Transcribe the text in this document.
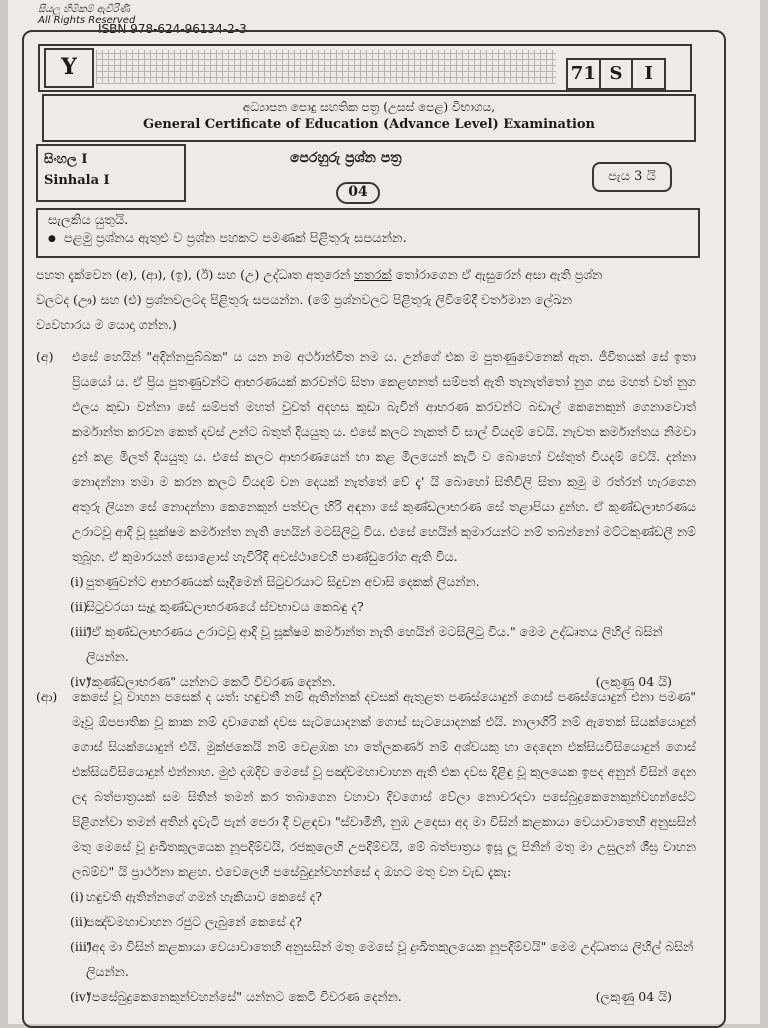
සියලු හිමිකම් ඇවිරිණි
All Rights Reserved
ISBN 978-624-96134-2-3
Y	71 S	I
අධ්‍යාපන පොදු සහතික පත්‍ර (උසස් පෙළ) විභාගය,
General Certificate of Education (Advance Level) Examination
සිංහල I
Sinhala I
පෙරහුරු ප්‍රශ්න පත්‍ර
04
පැය 3 යි
සැලකිය යුතුයි.
● පළමු ප්‍රශ්නය ඇතුළු ව ප්‍රශ්න පහකට පමණක් පිළිතුරු සපයන්න.
පහත දැක්වෙන (අ), (ආ), (ඉ), (ඊ) සහ (උ) උද්ධෘත අතුරෙන් හතරක් තෝරාගෙන ඒ ඇසුරෙන් අසා ඇති ප්‍රශ්න
වලටද (ඌ) සහ (එ) ප්‍රශ්නවලටද පිළිතුරු සපයන්න. (මේ ප්‍රශ්නවලට පිළිතුරු ලිවීමේදී වර්තමාන ලේඛන
ව්‍යවහාරය ම යොදා ගන්න.)
(අ) එසේ හෙයින් "අදින්නපුබ්බක" ය යන නම අර්ථාන්විත නම ය. උන්ගේ එක ම පුතණුවෙනෙක් ඇත. ජීවිතයක් සේ ඉතා ප්‍රියයෝ ය. ඒ ප්‍රිය පුතණුවන්ට ආභරණයක් කරවන්ට සිතා කෙළඟනත් සම්පත් ඇති තැනැත්තෝ නුග ගස මහත් වත් නුග ඵලය කුඩා වන්නා සේ සම්පත් මහත් වුවත් අදහස කුඩා බැවින් ආභරණ කරවන්ට බඩාල් කෙනෙකුන් ගෙනාවොත් කර්මාන්ත කරවන කෙත් දවස් උන්ට බතුත් දියයුතු ය. එසේ කලට නැකත් වී සාල් වියදම් වෙයි. නැවත කර්මාන්තය නිමවා දුන් කළ මිලත් දියයුතු ය. එසේ කලට ආභරණයෙන් හා කළ මිලයෙන් කැටි ව බොහෝ වස්තුත් වියදම් වෙයි. දන්නා නොදන්නා තමා ම කරන කලට වියදම් වන දෙයක් නැත්තේ වේ දැ' යි බොහෝ සිතිවිලි සිතා කුමු ම රත්රන් හැරගෙන අතුරු ලියන සේ නොදන්නා කෙනෙකුන් පත්වල හිරි අඳනා සේ කුණ්ඩලාභරණ සේ තළාපියා දුන්හ. ඒ කුණ්ඩලාභරණය උරාටවූ ආදි වූ සූක්ෂම කර්මාන්ත නැති හෙයින් මටසිලිටු විය. එසේ හෙයින් කුමාරයන්ට නම් තබන්නෝ මට්ටකුණ්ඩලී නම් තුබූහ. ඒ කුමාරයන් සොළොස් හැවිරිදි අවස්ථාවෙහි පාණ්ඩුරෝග ඇති විය.
(i) පුතණුවන්ට ආභරණයක් සෑදීමෙන් සිටුවරයාට සිදුවන අවාසි දෙකක් ලියන්න.
(ii)
සිටුවරයා සෑදූ කුණ්ඩලාභරණයේ ස්වභාවය කෙබඳු ද?
(iii)
"ඒ කුණ්ඩලාභරණය උරාටවූ ආදි වූ සූක්ෂම කර්මාන්ත නැති හෙයින් මටසිලිටු විය." මෙම උද්ධෘතය ලිහිල් බසින් ලියන්න.
(iv)
"කුණ්ඩලාභරණ" යන්නට කෙටි විවරණ දෙන්න.	(ලකුණු 04 යි)
(ආ) කෙසේ වූ වාහන පසෙක් ද යත්: හඳුවතී නම් ඇතින්නක් දවසක් ඇතුළත පණස්යොදුන් ගොස් පණස්යොදුන් එනා පමණ" මෑවූ ඕපපාතික වූ කාක නම් දාවාගෙක් දවස සැටයොදනක් ගොස් සැටයොදනක් එයි. නාලාගිරි නම් ඇතෙක් සියක්යොදුන් ගොස් සියක්යොදුන් එයි. මුක්ජකෙයි නම් වෙළඹක හා තේලකර්ණ නම් අශ්වයකු හා දෙදෙන එක්සියවිසියොදුන් ගොස් එක්සියවිසියොදුන් එන්නාහ. මුළු දඹදිව මෙසේ වූ පඤ්චමහාවාහන ඇති එක දවස දිළිඳු වූ කුලයෙක ඉපද අනුන් විසින් දෙන ලද බත්පාත්‍රයක් සම සිතින් තමන් කර තබාගෙන වහාවා දිවගොස් වේලා නොවරදවා පසේබුදුකෙනෙකුන්වහන්සේට පිළිගන්වා තමන් අතින් දැවැටි පැන් පෙරා දී වළඳවා "ස්වාමීනි, නුඹ උදෙසා අද මා විසින් කළකායා වෙයාවාතෙහි අනුසසින් මතු මෙසේ වූ දුඃඛිතකුලයෙක නූපදිම්වයි, රජකුලෙහි උපදිම්වයි, මේ බත්පාත්‍රය ඉසූ ලූ පිනින් මතු මා උසුලන් ශීඝ්‍ර වාහන ලබම්ව" යි ප්‍රාර්ථනා කළහ. එවෙලෙහි පසේබුදුන්වහන්සේ ද ඔහට මතු වන වැඩ දැකැ:
(i) හඳුවති ඇතින්නගේ ගමන් හැකියාව කෙසේ ද?
(ii)
පඤ්චමහාවාහන රජුට ලැබුනේ කෙසේ ද?
(iii)
"අද මා විසින් කළකායා වෙයාවාතෙහි අනුසසින් මතු මෙසේ වූ දුඃඛිතකුලයෙක නූපදිම්වයි" මෙම උද්ධෘතය ලිහිල් බසින් ලියන්න.
(iv)
"පසේබුදුකෙනෙකුන්වහන්සේ" යන්නට කෙටි විවරණ දෙන්න.	(ලකුණු 04 යි)
